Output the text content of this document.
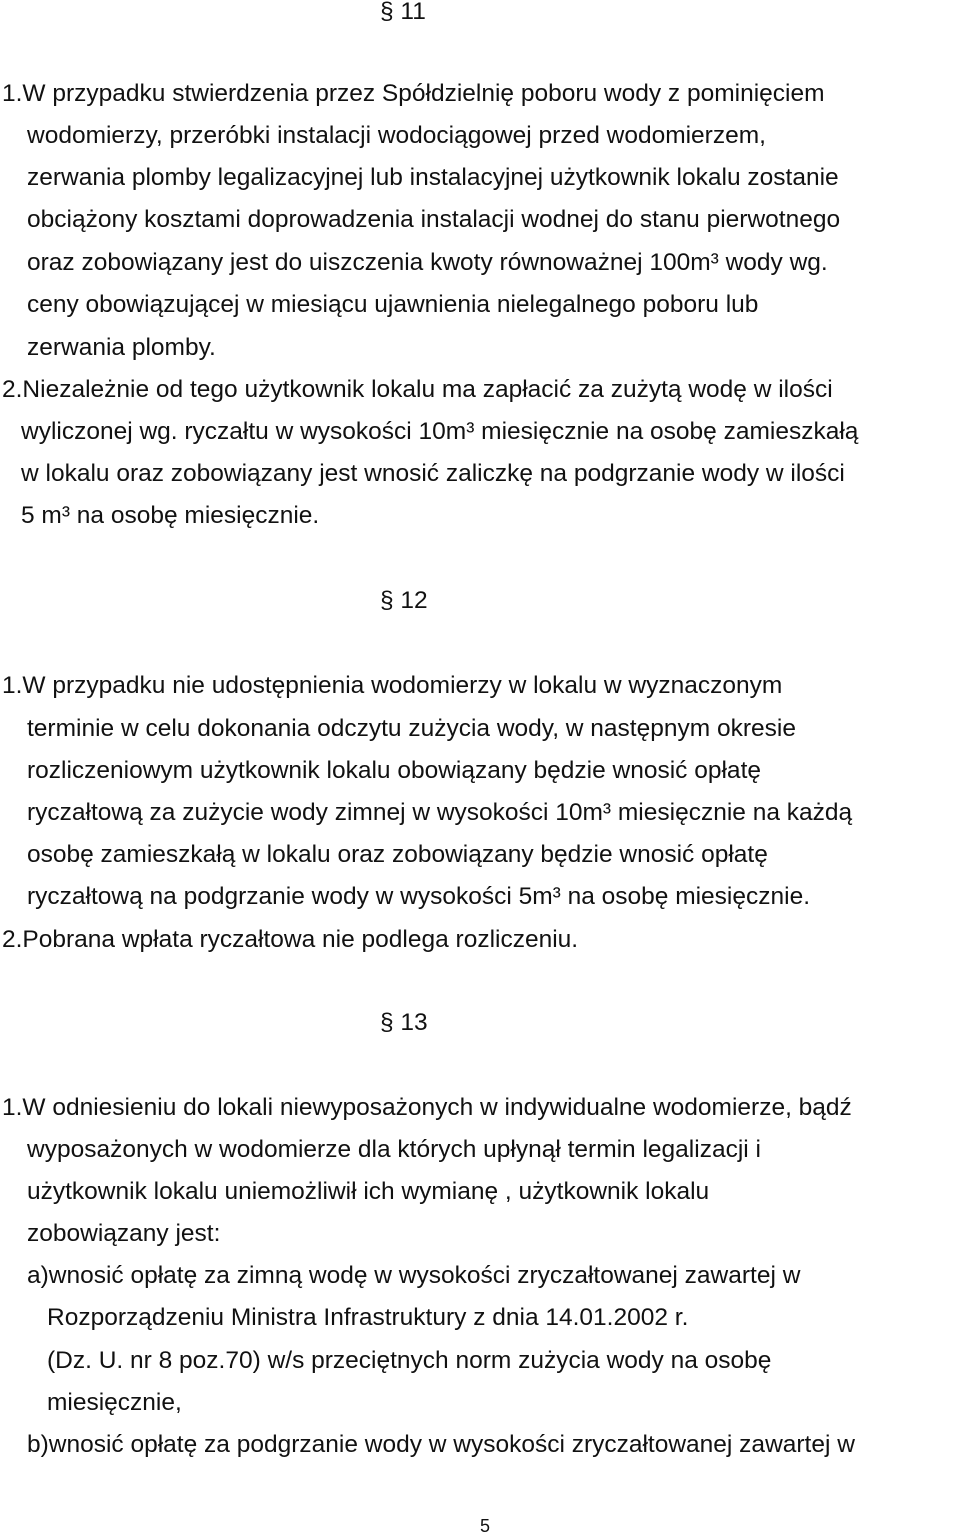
§ 11
1.W przypadku stwierdzenia przez Spółdzielnię poboru wody z pominięciem
wodomierzy, przeróbki instalacji wodociągowej przed wodomierzem,
zerwania plomby legalizacyjnej lub instalacyjnej użytkownik lokalu zostanie
obciążony kosztami doprowadzenia instalacji wodnej do stanu pierwotnego
oraz zobowiązany jest do uiszczenia kwoty równoważnej 100m³ wody wg.
ceny obowiązującej w miesiącu ujawnienia nielegalnego poboru lub
zerwania plomby.
2.Niezależnie od tego użytkownik lokalu ma zapłacić za zużytą wodę w ilości
wyliczonej wg. ryczałtu w wysokości 10m³ miesięcznie na osobę zamieszkałą
w lokalu oraz zobowiązany jest wnosić zaliczkę na podgrzanie wody w ilości
5 m³ na osobę miesięcznie.
§ 12
1.W przypadku nie udostępnienia wodomierzy w lokalu w wyznaczonym
terminie w celu dokonania odczytu zużycia wody, w następnym okresie
rozliczeniowym użytkownik lokalu obowiązany będzie wnosić opłatę
ryczałtową za zużycie wody zimnej w wysokości 10m³ miesięcznie na każdą
osobę zamieszkałą w lokalu oraz zobowiązany będzie wnosić opłatę
ryczałtową na podgrzanie wody w wysokości 5m³ na osobę miesięcznie.
2.Pobrana wpłata ryczałtowa nie podlega rozliczeniu.
§ 13
1.W odniesieniu do lokali niewyposażonych w indywidualne wodomierze, bądź
wyposażonych w wodomierze dla których upłynął termin legalizacji i
użytkownik lokalu uniemożliwił ich wymianę , użytkownik lokalu
zobowiązany jest:
a)wnosić opłatę za zimną wodę w wysokości zryczałtowanej zawartej w
Rozporządzeniu Ministra Infrastruktury z dnia 14.01.2002 r.
(Dz. U. nr 8 poz.70) w/s przeciętnych norm zużycia wody na osobę
miesięcznie,
b)wnosić opłatę za podgrzanie wody w wysokości zryczałtowanej zawartej w
5
